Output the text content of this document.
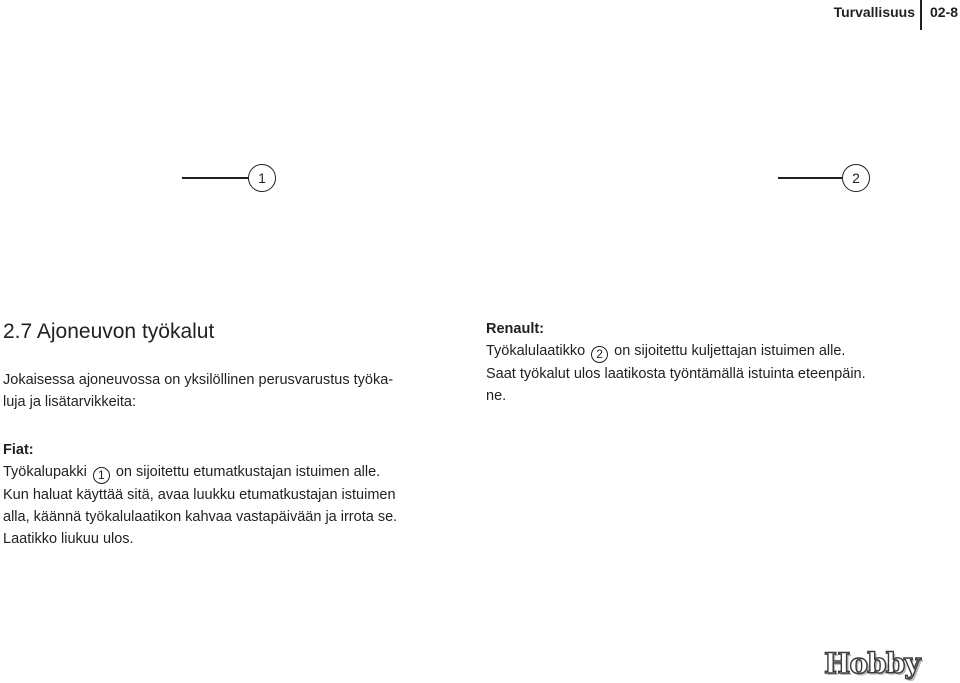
Turvallisuus 02-8
1	2
2.7 Ajoneuvon työkalut
Jokaisessa ajoneuvossa on yksilöllinen perusvarustus työka-
luja ja lisätarvikkeita:
Renault:
Työkalulaatikko 2 on sijoitettu kuljettajan istuimen alle.
Saat työkalut ulos laatikosta työntämällä istuinta eteenpäin.
ne.
Fiat:
Työkalupakki 1 on sijoitettu etumatkustajan istuimen alle.
Kun haluat käyttää sitä, avaa luukku etumatkustajan istuimen
alla, käännä työkalulaatikon kahvaa vastapäivään ja irrota se.
Laatikko liukuu ulos.
Hobby
